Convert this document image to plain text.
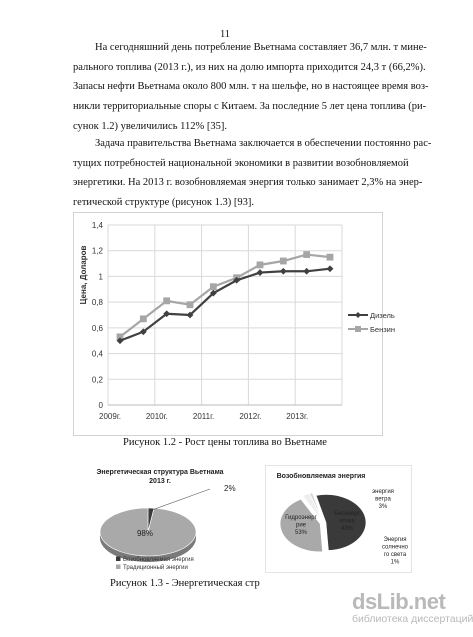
11
На сегодняшний день потребление Вьетнама составляет 36,7 млн. т мине-
рального топлива (2013 г.), из них на долю импорта приходится 24,3 т (66,2%).
Запасы нефти Вьетнама около 800 млн. т на шельфе, но в настоящее время воз-
никли территориальные споры с Китаем. За последние 5 лет цена топлива (ри-
сунок 1.2) увеличились 112% [35].
Задача правительства Вьетнама заключается в обеспечении постоянно рас-
тущих потребностей национальной экономики в развитии возобновляемой
энергетики. На 2013 г. возобновляемая энергия только занимает 2,3% на энер-
гетической структуре (рисунок 1.3) [93].
0
0,2
0,4
0,6
0,8
1
1,2
1,4
2009г.	2010г.	2011г.	2012г.	2013г.
Цена, Доларов
Дизель
Бензин
Рисунок 1.2 - Рост цены топлива во Вьетнаме
Энергетическая структура Вьетнама
2013 г.
2%
98%
Возобновляемая энергия
Традиционный энергии
Возобновляемая энергия
Гидроэнерг
рие
53%
Биоэнерг
етика
43%
энергия
ветра
3%
Энергия
солнечно
го света
1%
Рисунок 1.3 - Энергетическая стр
dsLib.net
библиотека диссертаций
